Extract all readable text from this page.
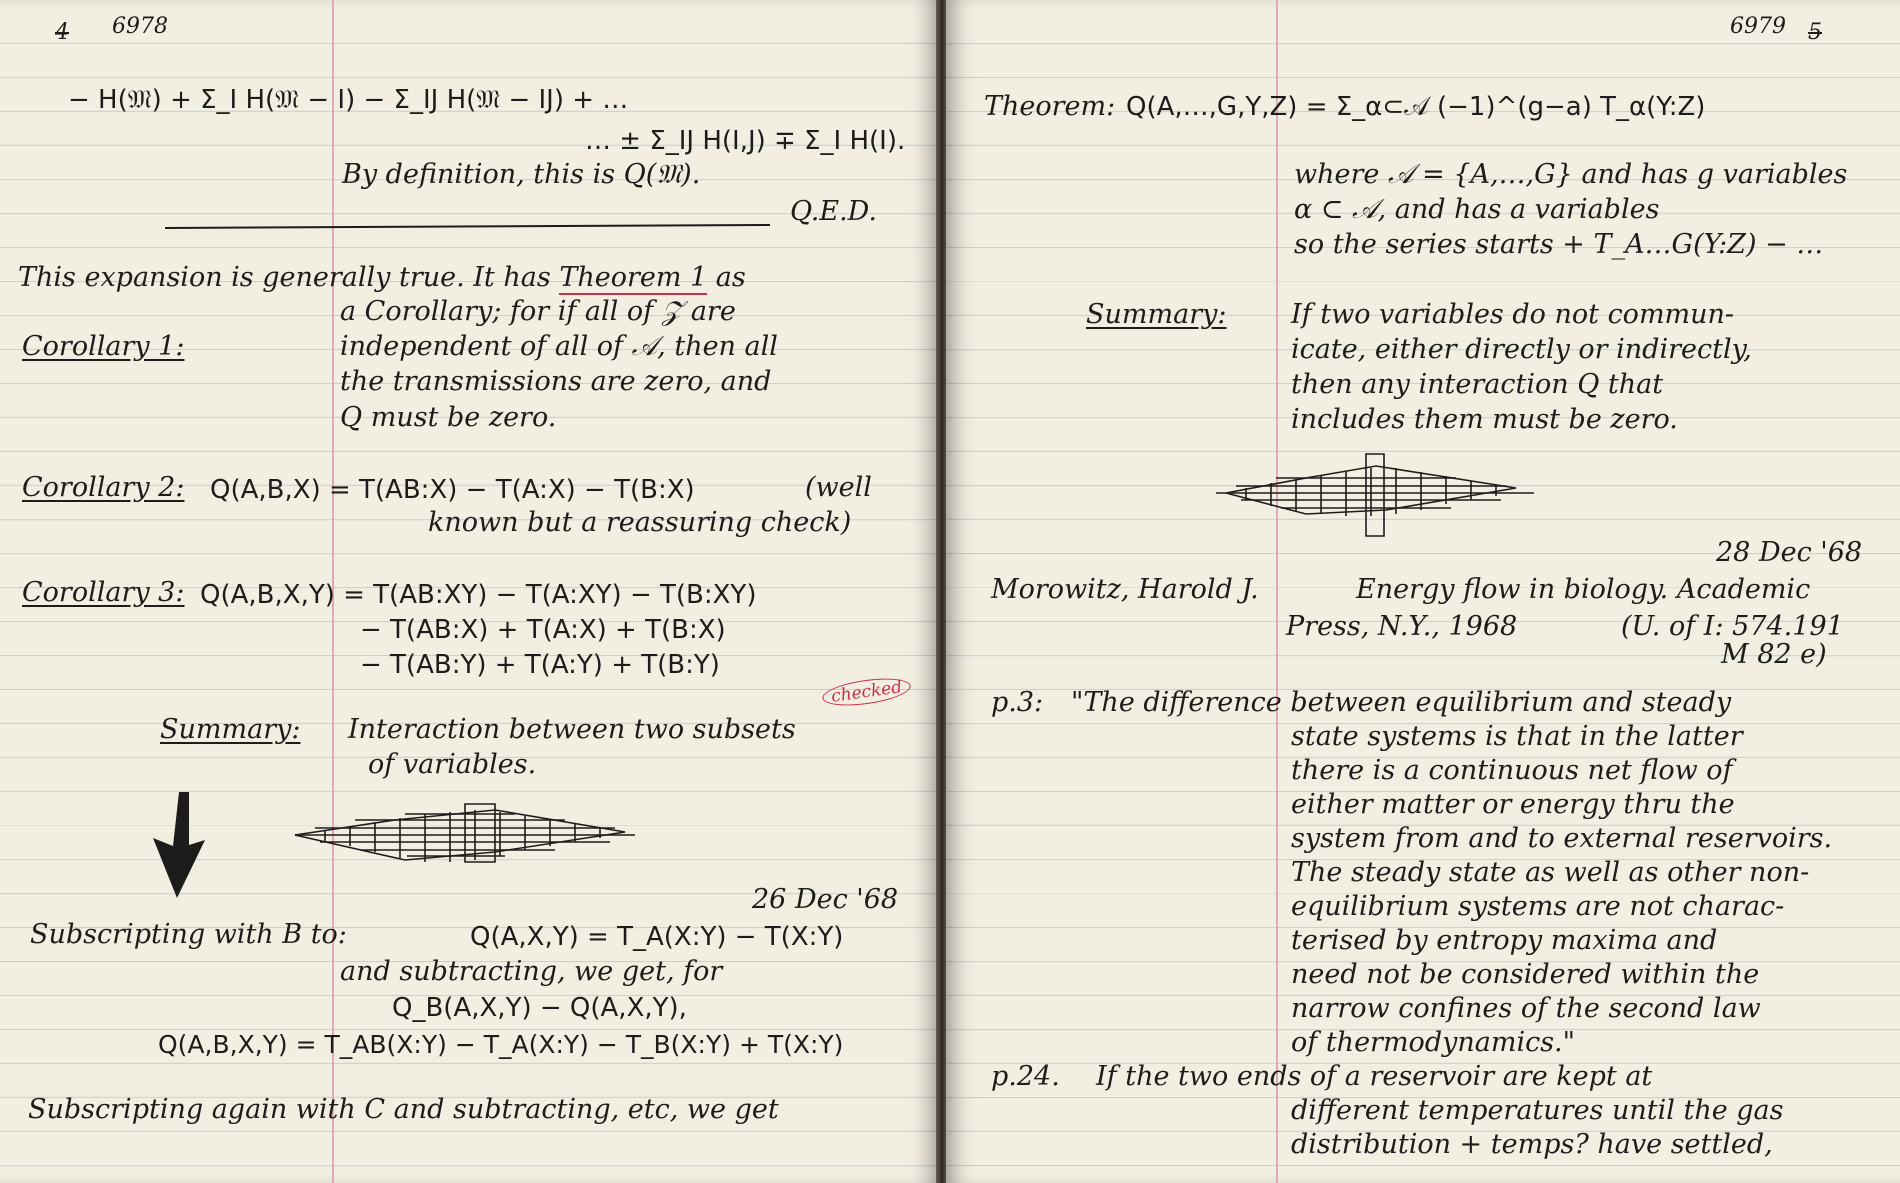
4 6978
− H(𝔐) + Σ_I H(𝔐 − I) − Σ_IJ H(𝔐 − IJ) + …
… ± Σ_IJ H(I,J) ∓ Σ_I H(I).
By definition, this is Q(𝔐).
Q.E.D.
This expansion is generally true. It has Theorem 1 as
Corollary 1:
a Corollary; for if all of 𝒵 are
independent of all of 𝒜, then all
the transmissions are zero, and
Q must be zero.
Corollary 2: Q(A,B,X) = T(AB:X) − T(A:X) − T(B:X)	(well
known but a reassuring check)
Corollary 3: Q(A,B,X,Y) = T(AB:XY) − T(A:XY) − T(B:XY)
− T(AB:X) + T(A:X) + T(B:X)
− T(AB:Y) + T(A:Y) + T(B:Y)
checked
Summary: Interaction between two subsets
of variables.
26 Dec '68
Subscripting with B to:	Q(A,X,Y) = T_A(X:Y) − T(X:Y)
and subtracting, we get, for
Q_B(A,X,Y) − Q(A,X,Y),
Q(A,B,X,Y) = T_AB(X:Y) − T_A(X:Y) − T_B(X:Y) + T(X:Y)
Subscripting again with C and subtracting, etc, we get
6979 5
Theorem: Q(A,…,G,Y,Z) = Σ_α⊂𝒜 (−1)^(g−a) T_α(Y:Z)
where 𝒜 = {A,…,G} and has g variables
α ⊂ 𝒜, and has a variables
so the series starts + T_A…G(Y:Z) − …
Summary: If two variables do not commun-
icate, either directly or indirectly,
then any interaction Q that
includes them must be zero.
28 Dec '68
Morowitz, Harold J.	Energy flow in biology. Academic
Press, N.Y., 1968	(U. of I: 574.191
M 82 e)
p.3: "The difference between equilibrium and steady
state systems is that in the latter
there is a continuous net flow of
either matter or energy thru the
system from and to external reservoirs.
The steady state as well as other non-
equilibrium systems are not charac-
terised by entropy maxima and
need not be considered within the
narrow confines of the second law
of thermodynamics."
p.24. If the two ends of a reservoir are kept at
different temperatures until the gas
distribution + temps? have settled,
